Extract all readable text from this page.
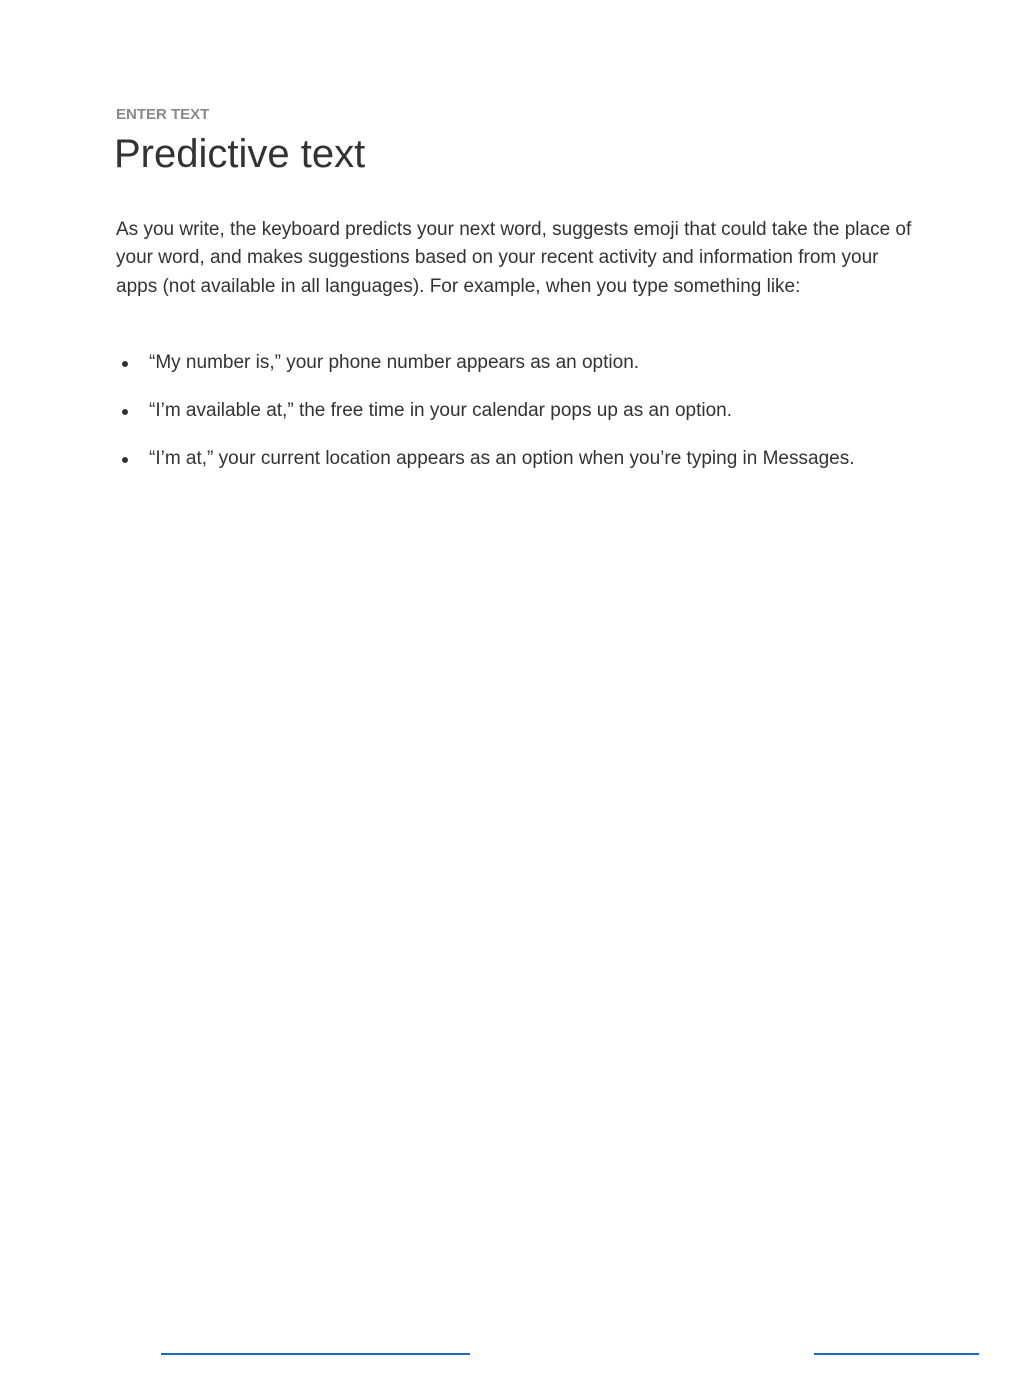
ENTER TEXT
Predictive text

As you write, the keyboard predicts your next word, suggests emoji that could take the place of your word, and makes suggestions based on your recent activity and information from your apps (not available in all languages). For example, when you type something like:

“My number is,” your phone number appears as an option.
“I’m available at,” the free time in your calendar pops up as an option.
“I’m at,” your current location appears as an option when you’re typing in Messages.
